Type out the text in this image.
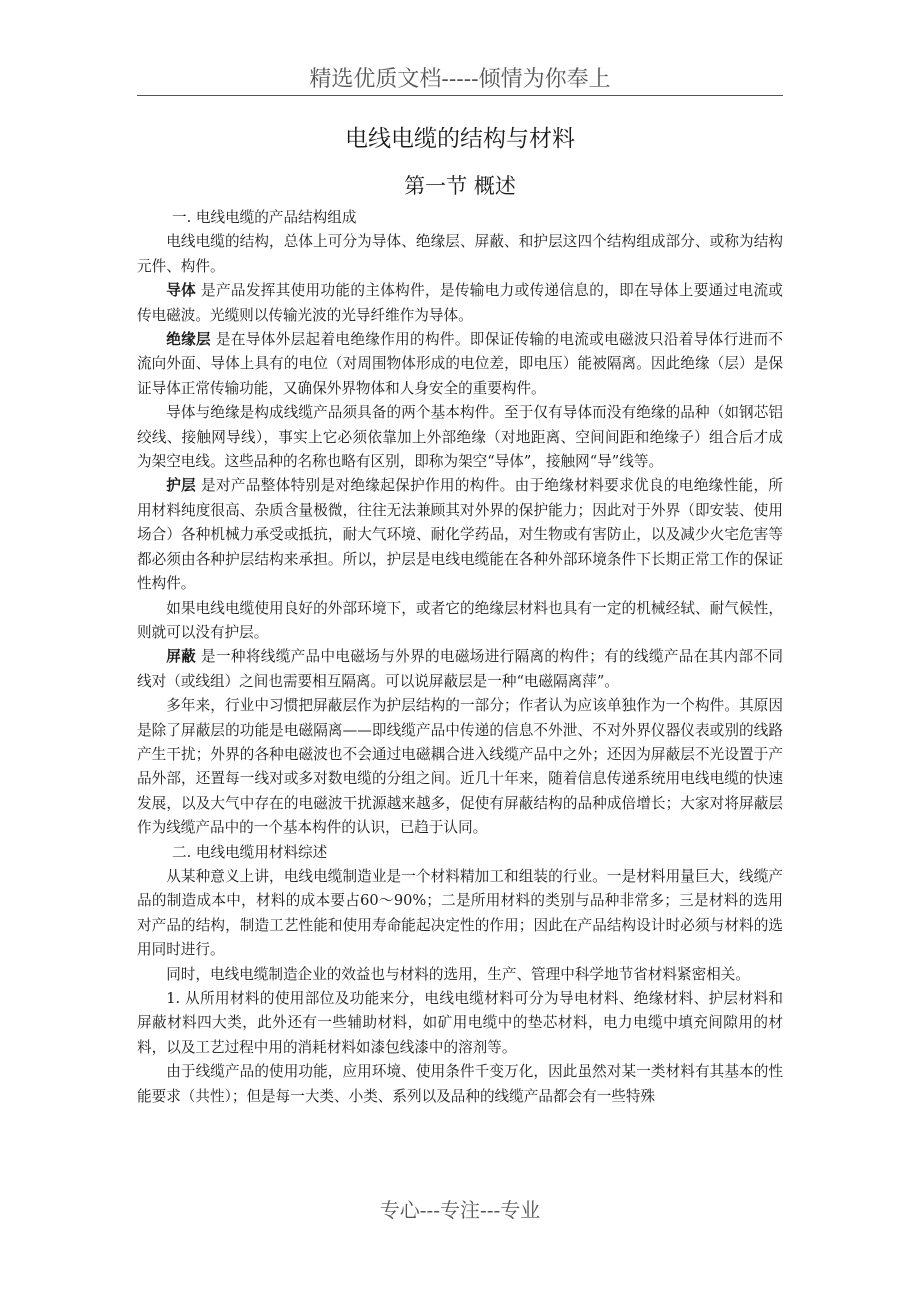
精选优质文档-----倾情为你奉上
电线电缆的结构与材料
第一节 概述

一. 电线电缆的产品结构组成

电线电缆的结构，总体上可分为导体、绝缘层、屏蔽、和护层这四个结构组成部分、或称为结构元件、构件。

导体 是产品发挥其使用功能的主体构件，是传输电力或传递信息的，即在导体上要通过电流或传电磁波。光缆则以传输光波的光导纤维作为导体。

绝缘层 是在导体外层起着电绝缘作用的构件。即保证传输的电流或电磁波只沿着导体行进而不流向外面、导体上具有的电位（对周围物体形成的电位差，即电压）能被隔离。因此绝缘（层）是保证导体正常传输功能，又确保外界物体和人身安全的重要构件。

导体与绝缘是构成线缆产品须具备的两个基本构件。至于仅有导体而没有绝缘的品种（如钢芯铝绞线、接触网导线），事实上它必须依靠加上外部绝缘（对地距离、空间间距和绝缘子）组合后才成为架空电线。这些品种的名称也略有区别，即称为架空“导体”，接触网“导”线等。

护层 是对产品整体特别是对绝缘起保护作用的构件。由于绝缘材料要求优良的电绝缘性能，所用材料纯度很高、杂质含量极微，往往无法兼顾其对外界的保护能力；因此对于外界（即安装、使用场合）各种机械力承受或抵抗，耐大气环境、耐化学药品，对生物或有害防止，以及减少火宅危害等都必须由各种护层结构来承担。所以，护层是电线电缆能在各种外部环境条件下长期正常工作的保证性构件。

如果电线电缆使用良好的外部环境下，或者它的绝缘层材料也具有一定的机械经轼、耐气候性，则就可以没有护层。

屏蔽 是一种将线缆产品中电磁场与外界的电磁场进行隔离的构件；有的线缆产品在其内部不同线对（或线组）之间也需要相互隔离。可以说屏蔽层是一种“电磁隔离萍”。

多年来，行业中习惯把屏蔽层作为护层结构的一部分；作者认为应该单独作为一个构件。其原因是除了屏蔽层的功能是电磁隔离——即线缆产品中传递的信息不外泄、不对外界仪器仪表或别的线路产生干扰；外界的各种电磁波也不会通过电磁耦合进入线缆产品中之外；还因为屏蔽层不光设置于产品外部，还置每一线对或多对数电缆的分组之间。近几十年来，随着信息传递系统用电线电缆的快速发展，以及大气中存在的电磁波干扰源越来越多，促使有屏蔽结构的品种成倍增长；大家对将屏蔽层作为线缆产品中的一个基本构件的认识，已趋于认同。

二. 电线电缆用材料综述

从某种意义上讲，电线电缆制造业是一个材料精加工和组装的行业。一是材料用量巨大，线缆产品的制造成本中，材料的成本要占60～90%；二是所用材料的类别与品种非常多；三是材料的选用对产品的结构，制造工艺性能和使用寿命能起决定性的作用；因此在产品结构设计时必须与材料的选用同时进行。

同时，电线电缆制造企业的效益也与材料的选用，生产、管理中科学地节省材料紧密相关。

1. 从所用材料的使用部位及功能来分，电线电缆材料可分为导电材料、绝缘材料、护层材料和屏蔽材料四大类，此外还有一些辅助材料，如矿用电缆中的垫芯材料，电力电缆中填充间隙用的材料，以及工艺过程中用的消耗材料如漆包线漆中的溶剂等。

由于线缆产品的使用功能，应用环境、使用条件千变万化，因此虽然对某一类材料有其基本的性能要求（共性）；但是每一大类、小类、系列以及品种的线缆产品都会有一些特殊

专心---专注---专业
